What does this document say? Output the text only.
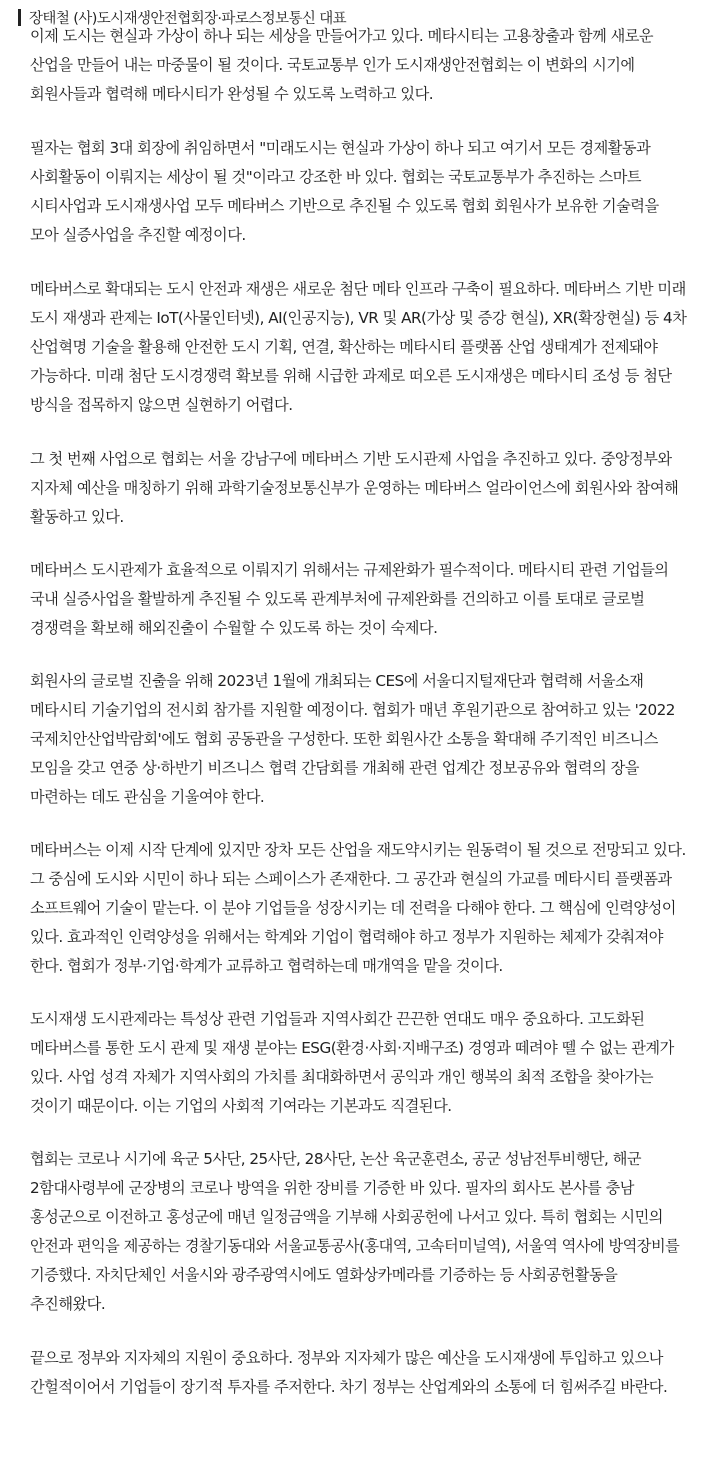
장태철 (사)도시재생안전협회장·파로스정보통신 대표

이제 도시는 현실과 가상이 하나 되는 세상을 만들어가고 있다. 메타시티는 고용창출과 함께 새로운 산업을 만들어 내는 마중물이 될 것이다. 국토교통부 인가 도시재생안전협회는 이 변화의 시기에 회원사들과 협력해 메타시티가 완성될 수 있도록 노력하고 있다.

필자는 협회 3대 회장에 취임하면서 "미래도시는 현실과 가상이 하나 되고 여기서 모든 경제활동과 사회활동이 이뤄지는 세상이 될 것"이라고 강조한 바 있다. 협회는 국토교통부가 추진하는 스마트 시티사업과 도시재생사업 모두 메타버스 기반으로 추진될 수 있도록 협회 회원사가 보유한 기술력을 모아 실증사업을 추진할 예정이다.

메타버스로 확대되는 도시 안전과 재생은 새로운 첨단 메타 인프라 구축이 필요하다. 메타버스 기반 미래 도시 재생과 관제는 IoT(사물인터넷), AI(인공지능), VR 및 AR(가상 및 증강 현실), XR(확장현실) 등 4차 산업혁명 기술을 활용해 안전한 도시 기획, 연결, 확산하는 메타시티 플랫폼 산업 생태계가 전제돼야 가능하다. 미래 첨단 도시경쟁력 확보를 위해 시급한 과제로 떠오른 도시재생은 메타시티 조성 등 첨단 방식을 접목하지 않으면 실현하기 어렵다.

그 첫 번째 사업으로 협회는 서울 강남구에 메타버스 기반 도시관제 사업을 추진하고 있다. 중앙정부와 지자체 예산을 매칭하기 위해 과학기술정보통신부가 운영하는 메타버스 얼라이언스에 회원사와 참여해 활동하고 있다.

메타버스 도시관제가 효율적으로 이뤄지기 위해서는 규제완화가 필수적이다. 메타시티 관련 기업들의 국내 실증사업을 활발하게 추진될 수 있도록 관계부처에 규제완화를 건의하고 이를 토대로 글로벌 경쟁력을 확보해 해외진출이 수월할 수 있도록 하는 것이 숙제다.

회원사의 글로벌 진출을 위해 2023년 1월에 개최되는 CES에 서울디지털재단과 협력해 서울소재 메타시티 기술기업의 전시회 참가를 지원할 예정이다. 협회가 매년 후원기관으로 참여하고 있는 '2022 국제치안산업박람회'에도 협회 공동관을 구성한다. 또한 회원사간 소통을 확대해 주기적인 비즈니스 모임을 갖고 연중 상·하반기 비즈니스 협력 간담회를 개최해 관련 업계간 정보공유와 협력의 장을 마련하는 데도 관심을 기울여야 한다.

메타버스는 이제 시작 단계에 있지만 장차 모든 산업을 재도약시키는 원동력이 될 것으로 전망되고 있다. 그 중심에 도시와 시민이 하나 되는 스페이스가 존재한다. 그 공간과 현실의 가교를 메타시티 플랫폼과 소프트웨어 기술이 맡는다. 이 분야 기업들을 성장시키는 데 전력을 다해야 한다. 그 핵심에 인력양성이 있다. 효과적인 인력양성을 위해서는 학계와 기업이 협력해야 하고 정부가 지원하는 체제가 갖춰져야 한다. 협회가 정부·기업·학계가 교류하고 협력하는데 매개역을 맡을 것이다.

도시재생 도시관제라는 특성상 관련 기업들과 지역사회간 끈끈한 연대도 매우 중요하다. 고도화된 메타버스를 통한 도시 관제 및 재생 분야는 ESG(환경·사회·지배구조) 경영과 떼려야 뗄 수 없는 관계가 있다. 사업 성격 자체가 지역사회의 가치를 최대화하면서 공익과 개인 행복의 최적 조합을 찾아가는 것이기 때문이다. 이는 기업의 사회적 기여라는 기본과도 직결된다.

협회는 코로나 시기에 육군 5사단, 25사단, 28사단, 논산 육군훈련소, 공군 성남전투비행단, 해군 2함대사령부에 군장병의 코로나 방역을 위한 장비를 기증한 바 있다. 필자의 회사도 본사를 충남 홍성군으로 이전하고 홍성군에 매년 일정금액을 기부해 사회공헌에 나서고 있다. 특히 협회는 시민의 안전과 편익을 제공하는 경찰기동대와 서울교통공사(홍대역, 고속터미널역), 서울역 역사에 방역장비를 기증했다. 자치단체인 서울시와 광주광역시에도 열화상카메라를 기증하는 등 사회공헌활동을 추진해왔다.

끝으로 정부와 지자체의 지원이 중요하다. 정부와 지자체가 많은 예산을 도시재생에 투입하고 있으나 간헐적이어서 기업들이 장기적 투자를 주저한다. 차기 정부는 산업계와의 소통에 더 힘써주길 바란다.
